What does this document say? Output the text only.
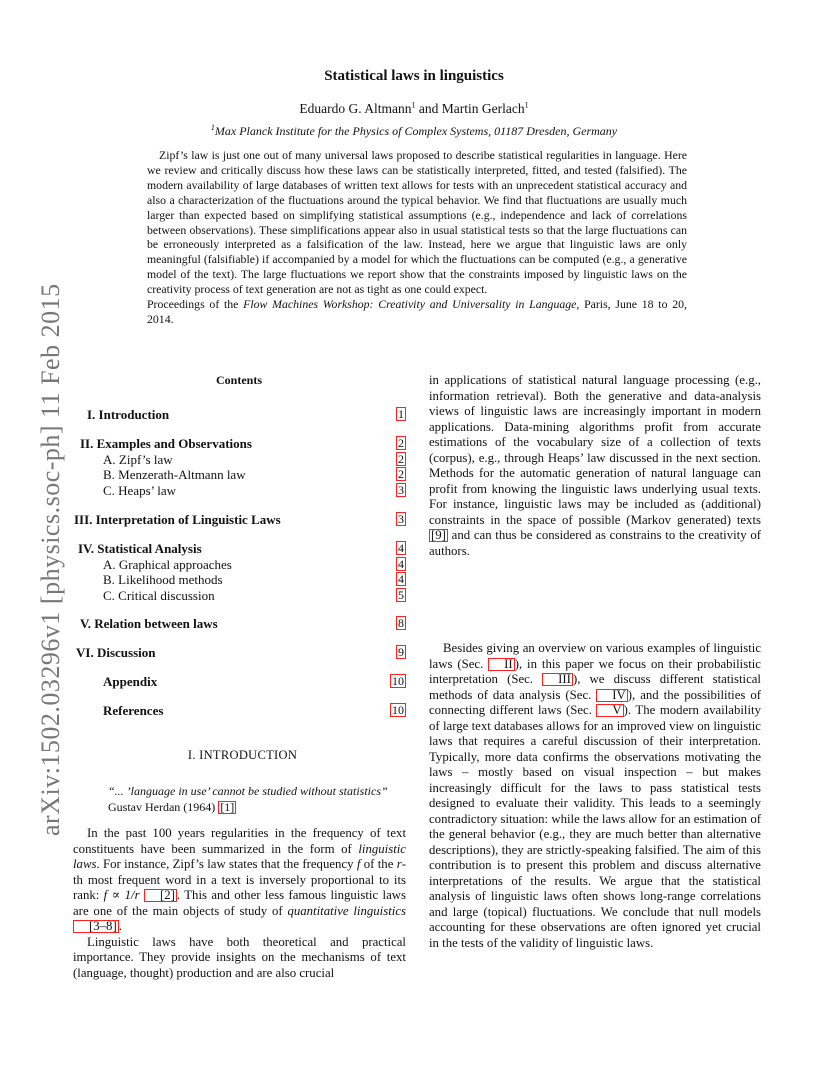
arXiv:1502.03296v1 [physics.soc-ph] 11 Feb 2015
Statistical laws in linguistics
Eduardo G. Altmann$^1$ and Martin Gerlach$^1$
$^1$Max Planck Institute for the Physics of Complex Systems, 01187 Dresden, Germany

Zipf’s law is just one out of many universal laws proposed to describe statistical regularities in language. Here we review and critically discuss how these laws can be statistically interpreted, fitted, and tested (falsified). The modern availability of large databases of written text allows for tests with an unprecedent statistical accuracy and also a characterization of the fluctuations around the typical behavior. We find that fluctuations are usually much larger than expected based on simplifying statistical assumptions (e.g., independence and lack of correlations between observations). These simplifications appear also in usual statistical tests so that the large fluctuations can be erroneously interpreted as a falsification of the law. Instead, here we argue that linguistic laws are only meaningful (falsifiable) if accompanied by a model for which the fluctuations can be computed (e.g., a generative model of the text). The large fluctuations we report show that the constraints imposed by linguistic laws on the creativity process of text generation are not as tight as one could expect.

Proceedings of the Flow Machines Workshop: Creativity and Universality in Language, Paris, June 18 to 20, 2014.

Contents
I. Introduction	1
II. Examples and Observations	2
A. Zipf’s law	2
B. Menzerath-Altmann law	2
C. Heaps’ law	3
III. Interpretation of Linguistic Laws	3
IV. Statistical Analysis	4
A. Graphical approaches	4
B. Likelihood methods	4
C. Critical discussion	5
V. Relation between laws	8
VI. Discussion	9
Appendix	10
References	10
I. INTRODUCTION
“... ’language in use’ cannot be studied without statistics” Gustav Herdan (1964) [1]

In the past 100 years regularities in the frequency of text constituents have been summarized in the form of linguistic laws. For instance, Zipf’s law states that the frequency f of the r-th most frequent word in a text is inversely proportional to its rank: f ∝ 1/r [2] . This and other less famous linguistic laws are one of the main objects of study of quantitative linguistics [3–8] .

Linguistic laws have both theoretical and practical importance. They provide insights on the mechanisms of text (language, thought) production and are also crucial

in applications of statistical natural language processing (e.g., information retrieval). Both the generative and data-analysis views of linguistic laws are increasingly important in modern applications. Data-mining algorithms profit from accurate estimations of the vocabulary size of a collection of texts (corpus), e.g., through Heaps’ law discussed in the next section. Methods for the automatic generation of natural language can profit from knowing the linguistic laws underlying usual texts. For instance, linguistic laws may be included as (additional) constraints in the space of possible (Markov generated) texts [9] and can thus be considered as constrains to the creativity of authors.

Besides giving an overview on various examples of linguistic laws (Sec. II ), in this paper we focus on their probabilistic interpretation (Sec. III ), we discuss different statistical methods of data analysis (Sec. IV ), and the possibilities of connecting different laws (Sec. V ). The modern availability of large text databases allows for an improved view on linguistic laws that requires a careful discussion of their interpretation. Typically, more data confirms the observations motivating the laws – mostly based on visual inspection – but makes increasingly difficult for the laws to pass statistical tests designed to evaluate their validity. This leads to a seemingly contradictory situation: while the laws allow for an estimation of the general behavior (e.g., they are much better than alternative descriptions), they are strictly-speaking falsified. The aim of this contribution is to present this problem and discuss alternative interpretations of the results. We argue that the statistical analysis of linguistic laws often shows long-range correlations and large (topical) fluctuations. We conclude that null models accounting for these observations are often ignored yet crucial in the tests of the validity of linguistic laws.
